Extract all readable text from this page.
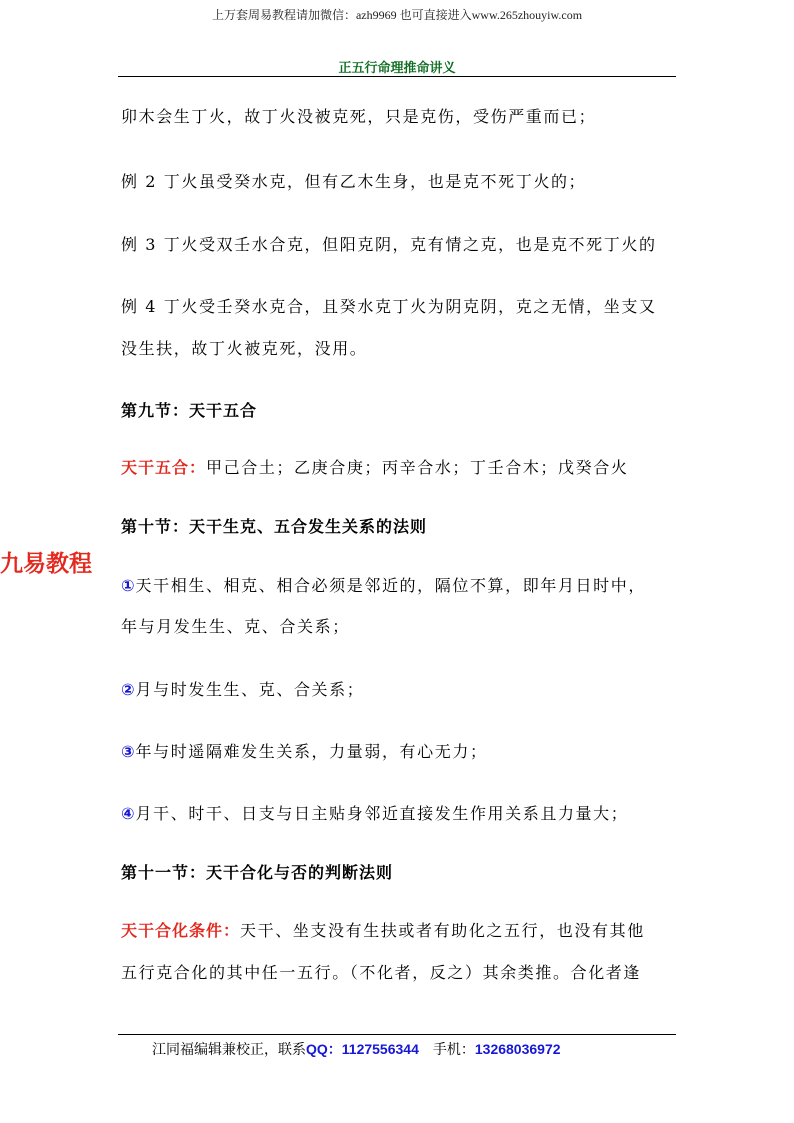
上万套周易教程请加微信：azh9969 也可直接进入www.265zhouyiw.com
正五行命理推命讲义
九易教程
卯木会生丁火，故丁火没被克死，只是克伤，受伤严重而已；
例 2 丁火虽受癸水克，但有乙木生身，也是克不死丁火的；
例 3 丁火受双壬水合克，但阳克阴，克有情之克，也是克不死丁火的
例 4 丁火受壬癸水克合，且癸水克丁火为阴克阴，克之无情，坐支又
没生扶，故丁火被克死，没用。
第九节：天干五合
天干五合：甲己合土；乙庚合庚；丙辛合水；丁壬合木；戊癸合火
第十节：天干生克、五合发生关系的法则
①天干相生、相克、相合必须是邻近的，隔位不算，即年月日时中，
年与月发生生、克、合关系；
②月与时发生生、克、合关系；
③年与时遥隔难发生关系，力量弱，有心无力；
④月干、时干、日支与日主贴身邻近直接发生作用关系且力量大；
第十一节：天干合化与否的判断法则
天干合化条件：天干、坐支没有生扶或者有助化之五行，也没有其他
五行克合化的其中任一五行。（不化者，反之）其余类推。合化者逢
江同福编辑兼校正，联系QQ：1127556344 手机：13268036972
